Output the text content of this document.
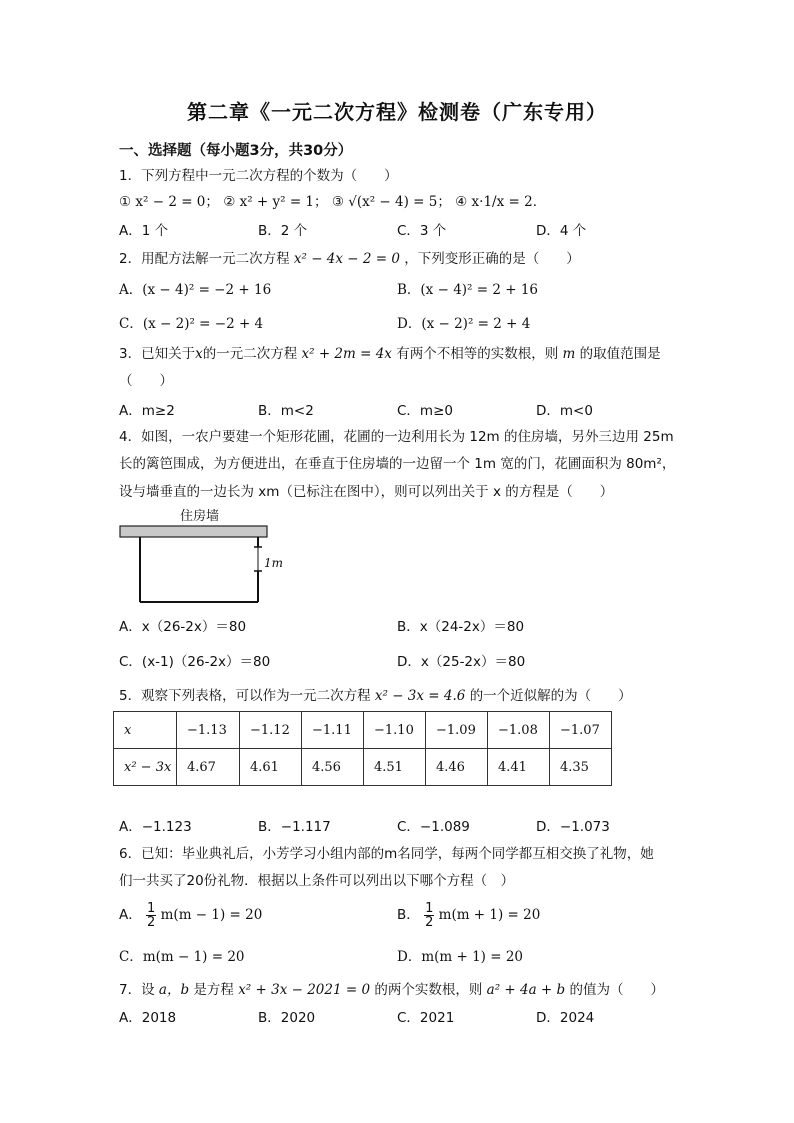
第二章《一元二次方程》检测卷（广东专用）
一、选择题（每小题3分，共30分）
1．下列方程中一元二次方程的个数为（　　）
① x² − 2 = 0； ② x² + y² = 1； ③ √(x² − 4) = 5； ④ x·1/x = 2．
A．1 个	B．2 个	C．3 个	D．4 个
2．用配方法解一元二次方程 x² − 4x − 2 = 0 ，下列变形正确的是（　　）
A．(x − 4)² = −2 + 16	B．(x − 4)² = 2 + 16
C．(x − 2)² = −2 + 4	D．(x − 2)² = 2 + 4
3．已知关于x的一元二次方程 x² + 2m = 4x 有两个不相等的实数根，则 m 的取值范围是
（　　）
A．m≥2	B．m<2	C．m≥0	D．m<0
4．如图，一农户要建一个矩形花圃，花圃的一边利用长为 12m 的住房墙，另外三边用 25m
长的篱笆围成，为方便进出，在垂直于住房墙的一边留一个 1m 宽的门，花圃面积为 80m²，
设与墙垂直的一边长为 xm（已标注在图中），则可以列出关于 x 的方程是（　　）
住房墙
1m
A．x（26-2x）＝80	B．x（24-2x）＝80
C．(x-1)（26-2x）＝80	D．x（25-2x）＝80
5．观察下列表格，可以作为一元二次方程 x² − 3x = 4.6 的一个近似解的为（　　）
x	−1.13	−1.12	−1.11	−1.10	−1.09	−1.08	−1.07
x² − 3x	4.67	4.61	4.56	4.51	4.46	4.41	4.35
A．−1.123	B．−1.117	C．−1.089	D．−1.073
6．已知：毕业典礼后，小芳学习小组内部的m名同学，每两个同学都互相交换了礼物，她
们一共买了20份礼物．根据以上条件可以列出以下哪个方程（　）
A． $\frac{1}{2} m(m - 1) = 20$	B． $\frac{1}{2} m(m + 1) = 20$
C．m(m − 1) = 20	D．m(m + 1) = 20
7．设 a，b 是方程 x² + 3x − 2021 = 0 的两个实数根，则 a² + 4a + b 的值为（　　）
A．2018	B．2020	C．2021	D．2024
